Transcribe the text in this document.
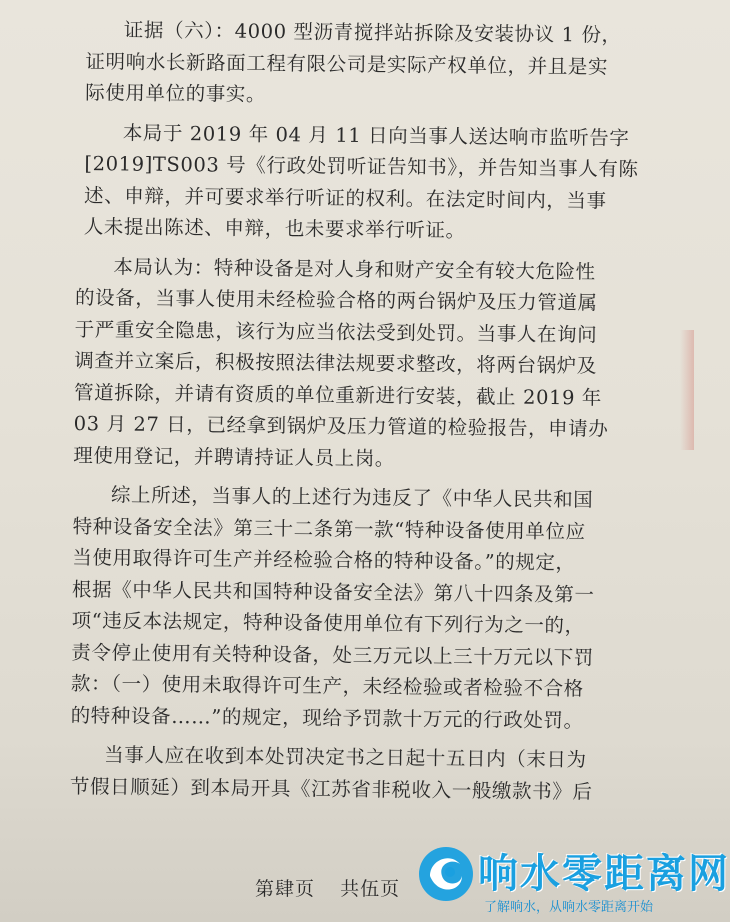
证据（六）：4000 型沥青搅拌站拆除及安装协议 1 份，
证明响水长新路面工程有限公司是实际产权单位，并且是实
际使用单位的事实。
本局于 2019 年 04 月 11 日向当事人送达响市监听告字
[2019]TS003 号《行政处罚听证告知书》，并告知当事人有陈
述、申辩，并可要求举行听证的权利。在法定时间内，当事
人未提出陈述、申辩，也未要求举行听证。
本局认为：特种设备是对人身和财产安全有较大危险性
的设备，当事人使用未经检验合格的两台锅炉及压力管道属
于严重安全隐患，该行为应当依法受到处罚。当事人在询问
调查并立案后，积极按照法律法规要求整改，将两台锅炉及
管道拆除，并请有资质的单位重新进行安装，截止 2019 年
03 月 27 日，已经拿到锅炉及压力管道的检验报告，申请办
理使用登记，并聘请持证人员上岗。
综上所述，当事人的上述行为违反了《中华人民共和国
特种设备安全法》第三十二条第一款“特种设备使用单位应
当使用取得许可生产并经检验合格的特种设备。”的规定，
根据《中华人民共和国特种设备安全法》第八十四条及第一
项“违反本法规定，特种设备使用单位有下列行为之一的，
责令停止使用有关特种设备，处三万元以上三十万元以下罚
款：（一）使用未取得许可生产，未经检验或者检验不合格
的特种设备……”的规定，现给予罚款十万元的行政处罚。
当事人应在收到本处罚决定书之日起十五日内（末日为
节假日顺延）到本局开具《江苏省非税收入一般缴款书》后
第肆页 共伍页	响水零距离网
了解响水，从响水零距离开始
